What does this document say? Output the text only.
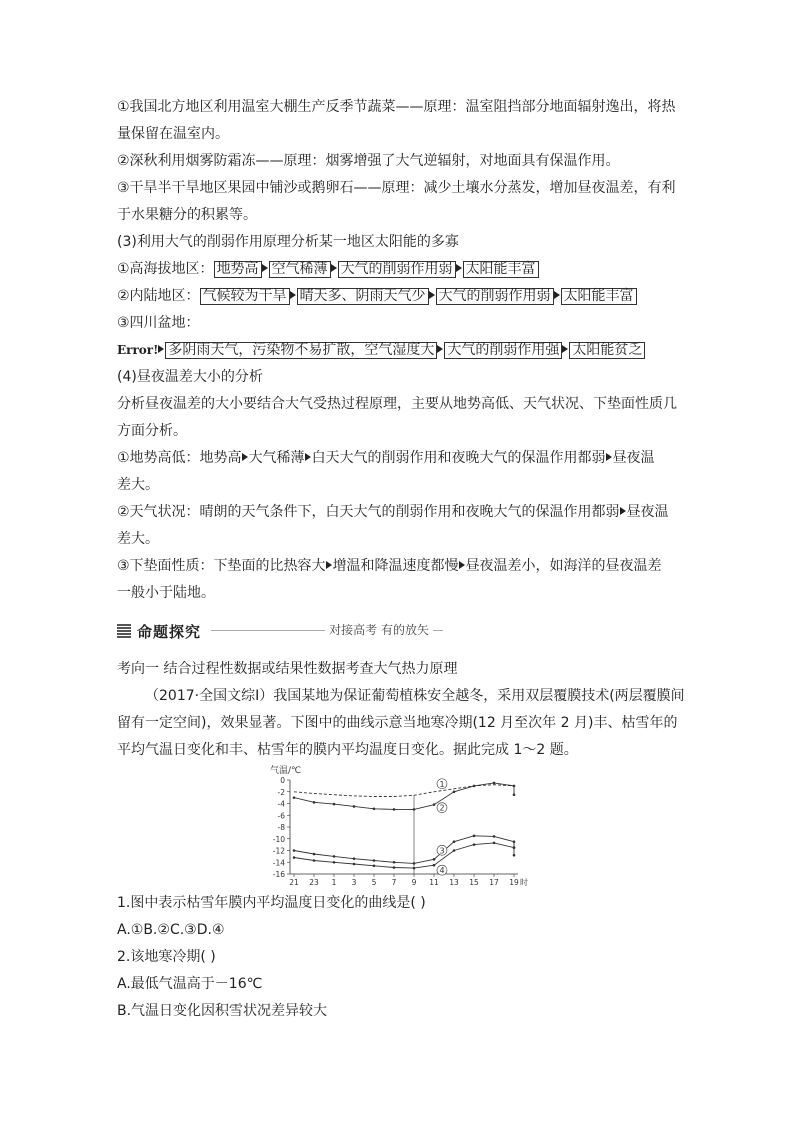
①我国北方地区利用温室大棚生产反季节蔬菜——原理：温室阻挡部分地面辐射逸出，将热
量保留在温室内。
②深秋利用烟雾防霜冻——原理：烟雾增强了大气逆辐射，对地面具有保温作用。
③干旱半干旱地区果园中铺沙或鹅卵石——原理：减少土壤水分蒸发，增加昼夜温差，有利
于水果糖分的积累等。
(3)利用大气的削弱作用原理分析某一地区太阳能的多寡
①高海拔地区： 地势高 空气稀薄 大气的削弱作用弱 太阳能丰富
②内陆地区： 气候较为干旱 晴天多、阴雨天气少 大气的削弱作用弱 太阳能丰富
③四川盆地：
Error! 多阴雨天气，污染物不易扩散，空气湿度大 大气的削弱作用强 太阳能贫乏
(4)昼夜温差大小的分析
分析昼夜温差的大小要结合大气受热过程原理，主要从地势高低、天气状况、下垫面性质几
方面分析。
①地势高低：地势高 大气稀薄 白天大气的削弱作用和夜晚大气的保温作用都弱 昼夜温
差大。
②天气状况：晴朗的天气条件下，白天大气的削弱作用和夜晚大气的保温作用都弱 昼夜温
差大。
③下垫面性质：下垫面的比热容大 增温和降温速度都慢 昼夜温差小，如海洋的昼夜温差
一般小于陆地。
命题探究	对接高考 有的放矢
考向一 结合过程性数据或结果性数据考查大气热力原理
（2017·全国文综Ⅰ）我国某地为保证葡萄植株安全越冬，采用双层覆膜技术(两层覆膜间
留有一定空间)，效果显著。下图中的曲线示意当地寒冷期(12 月至次年 2 月)丰、枯雪年的
平均气温日变化和丰、枯雪年的膜内平均温度日变化。据此完成 1～2 题。
0
-2
-4
-6
-8
-10
-12
-14
-16
21 23 1 3 5 7 9 11 13 15 17 19 时
1
2
3
4
气温/℃
1.图中表示枯雪年膜内平均温度日变化的曲线是( )
A.①B.②C.③D.④
2.该地寒冷期( )
A.最低气温高于－16℃
B.气温日变化因积雪状况差异较大
